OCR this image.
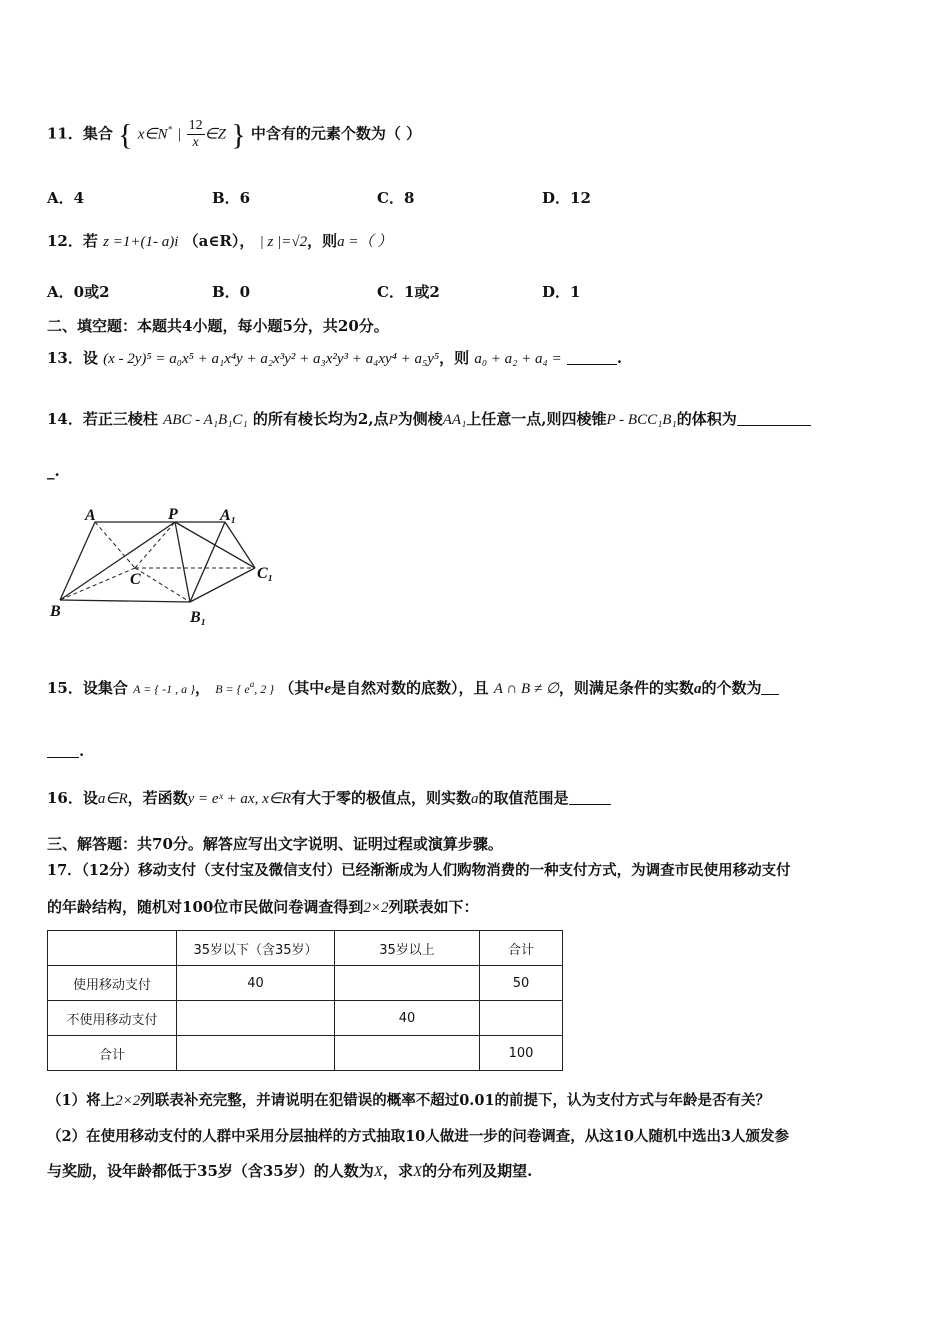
11．集合 { x∈N* | $\frac{12}{x}$ ∈Z } 中含有的元素个数为（ ）
A．4	B．6	C．8	D．12
12．若 z =1+(1- a)i （a∈R）， | z |=√2，则a =（ ）
A．0或2	B．0	C．1或2	D．1
二、填空题：本题共4小题，每小题5分，共20分。
13．设 (x - 2y)⁵ = a₀x⁵ + a₁x⁴y + a₂x³y² + a₃x²y³ + a₄xy⁴ + a₅y⁵，则 a₀ + a₂ + a₄ =	.
14．若正三棱柱 ABC - A₁B₁C₁ 的所有棱长均为2,点P为侧棱AA₁上任意一点,则四棱锥P - BCC₁B₁的体积为
_.
A	P	A₁
C	C₁
B	B₁
15．设集合 A = { -1 , a }， B = { $e^a$, 2 } （其中e是自然对数的底数），且 A ∩ B ≠ ∅，则满足条件的实数a的个数为
.
16．设a∈R，若函数y = eˣ + ax, x∈R有大于零的极值点，则实数a的取值范围是
三、解答题：共70分。解答应写出文字说明、证明过程或演算步骤。
17．（12分）移动支付（支付宝及微信支付）已经渐渐成为人们购物消费的一种支付方式，为调查市民使用移动支付
的年龄结构，随机对100位市民做问卷调查得到2×2列联表如下：
	35岁以下（含35岁）	35岁以上	合计
使用移动支付	40		50
不使用移动支付		40	
合计			100
（1）将上2×2列联表补充完整，并请说明在犯错误的概率不超过0.01的前提下，认为支付方式与年龄是否有关？
（2）在使用移动支付的人群中采用分层抽样的方式抽取10人做进一步的问卷调查，从这10人随机中选出3人颁发参
与奖励，设年龄都低于35岁（含35岁）的人数为X，求X的分布列及期望.
